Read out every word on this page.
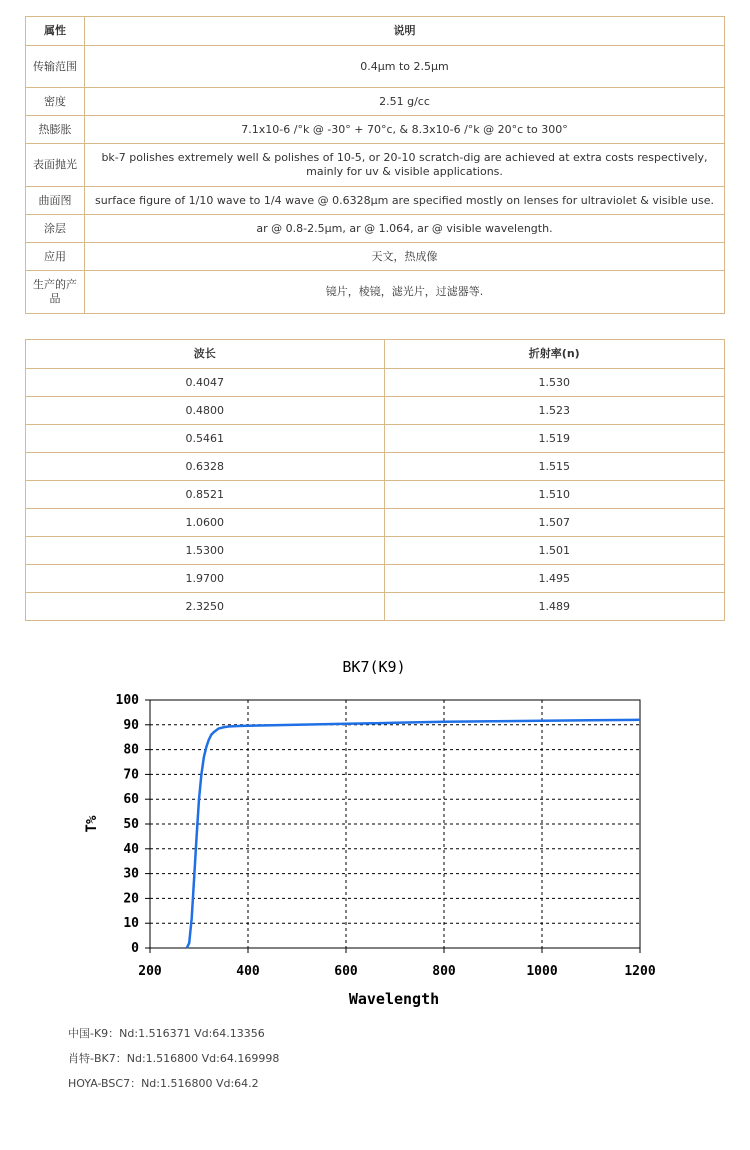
属性	说明
传输范围	0.4μm to 2.5μm
密度	2.51 g/cc
热膨胀	7.1x10-6 /°k @ -30° + 70°c, & 8.3x10-6 /°k @ 20°c to 300°
表面抛光	bk-7 polishes extremely well & polishes of 10-5, or 20-10 scratch-dig are achieved at extra costs respectively, mainly for uv & visible applications.
曲面图	surface figure of 1/10 wave to 1/4 wave @ 0.6328μm are specified mostly on lenses for ultraviolet & visible use.
涂层	ar @ 0.8-2.5μm, ar @ 1.064, ar @ visible wavelength.
应用	天文，热成像
生产的产品	镜片，棱镜，滤光片，过滤器等.
波长	折射率(n)
0.4047	1.530
0.4800	1.523
0.5461	1.519
0.6328	1.515
0.8521	1.510
1.0600	1.507
1.5300	1.501
1.9700	1.495
2.3250	1.489
BK7(K9)
0
10
20
30
40
50
60
70
80
90
100
200	400	600	800	1000	1200
Wavelength
T%
中国-K9：Nd:1.516371 Vd:64.13356
肖特-BK7：Nd:1.516800 Vd:64.169998
HOYA-BSC7：Nd:1.516800 Vd:64.2
